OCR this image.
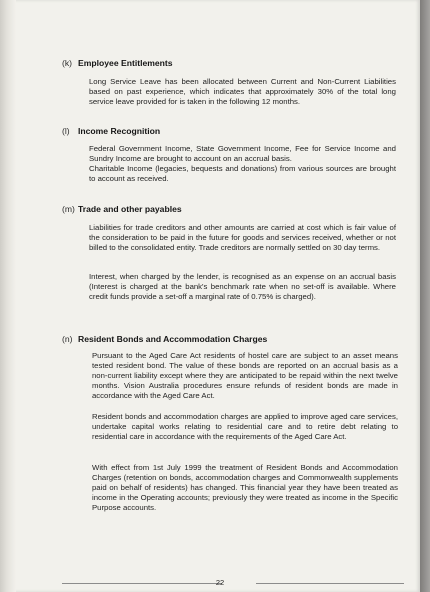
(k) Employee Entitlements

Long Service Leave has been allocated between Current and Non-Current Liabilities based on past experience, which indicates that approximately 30% of the total long service leave provided for is taken in the following 12 months.

(l) Income Recognition

Federal Government Income, State Government Income, Fee for Service Income and Sundry Income are brought to account on an accrual basis.

Charitable Income (legacies, bequests and donations) from various sources are brought to account as received.

(m) Trade and other payables

Liabilities for trade creditors and other amounts are carried at cost which is fair value of the consideration to be paid in the future for goods and services received, whether or not billed to the consolidated entity. Trade creditors are normally settled on 30 day terms.

Interest, when charged by the lender, is recognised as an expense on an accrual basis (Interest is charged at the bank's benchmark rate when no set-off is available. Where credit funds provide a set-off a marginal rate of 0.75% is charged).

(n) Resident Bonds and Accommodation Charges

Pursuant to the Aged Care Act residents of hostel care are subject to an asset means tested resident bond. The value of these bonds are reported on an accrual basis as a non-current liability except where they are anticipated to be repaid within the next twelve months. Vision Australia procedures ensure refunds of resident bonds are made in accordance with the Aged Care Act.

Resident bonds and accommodation charges are applied to improve aged care services, undertake capital works relating to residential care and to retire debt relating to residential care in accordance with the requirements of the Aged Care Act.

With effect from 1st July 1999 the treatment of Resident Bonds and Accommodation Charges (retention on bonds, accommodation charges and Commonwealth supplements paid on behalf of residents) has changed. This financial year they have been treated as income in the Operating accounts; previously they were treated as income in the Specific Purpose accounts.

22
